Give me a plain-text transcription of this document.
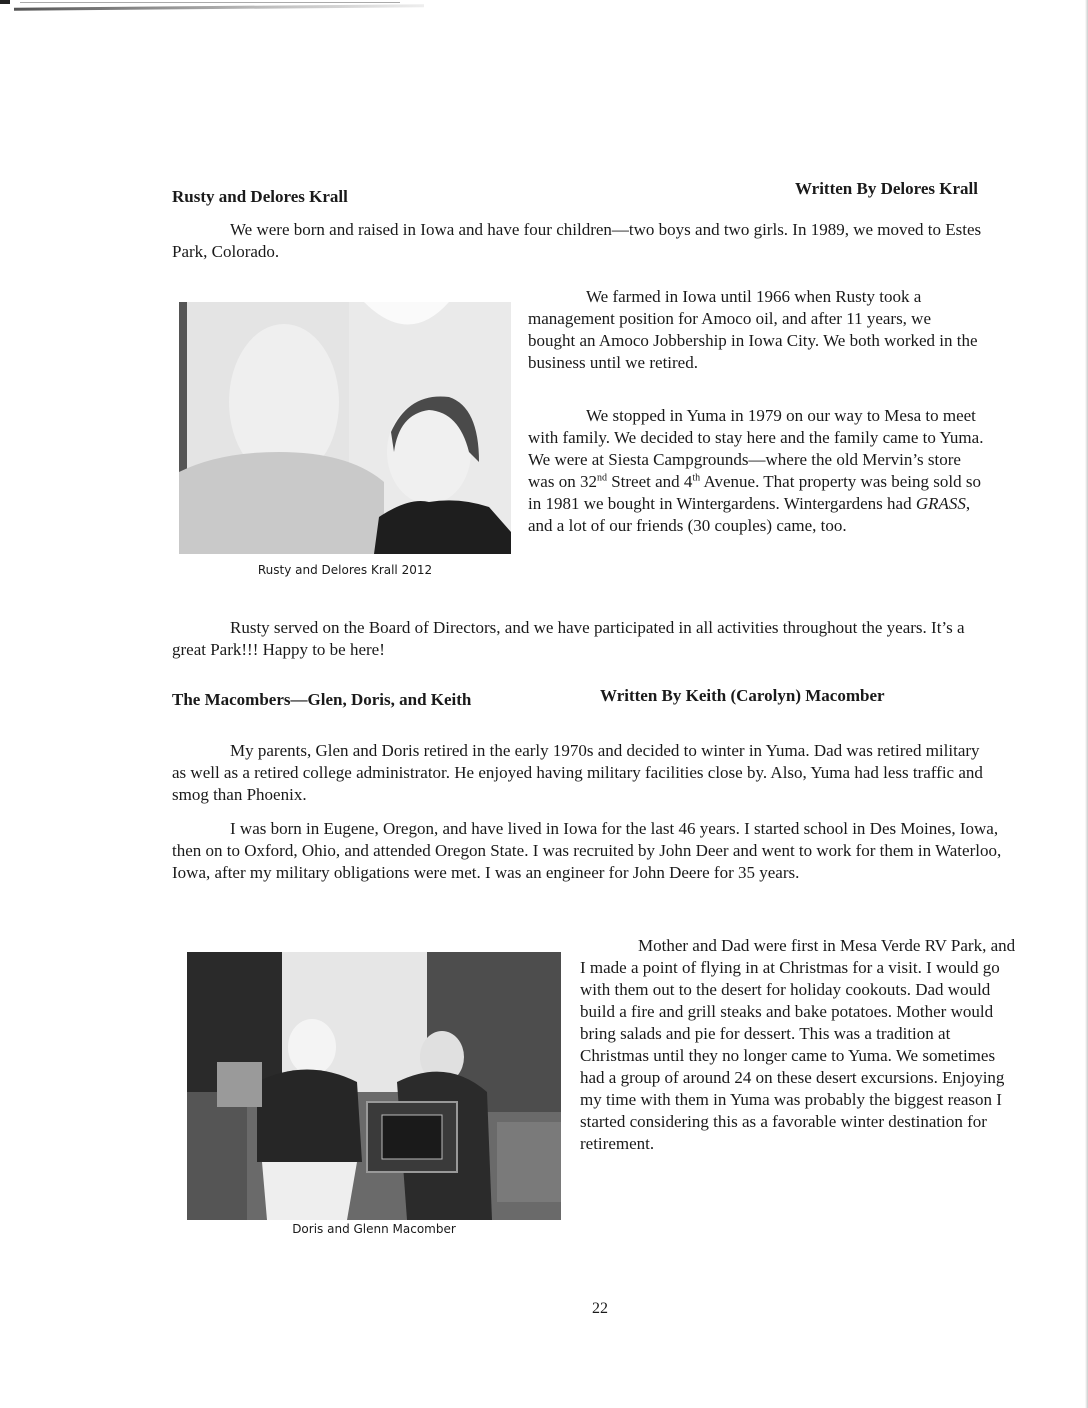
Rusty and Delores Krall	Written By Delores Krall

We were born and raised in Iowa and have four children—two boys and two girls. In 1989, we moved to Estes Park, Colorado.

Rusty and Delores Krall 2012

We farmed in Iowa until 1966 when Rusty took a management position for Amoco oil, and after 11 years, we bought an Amoco Jobbership in Iowa City. We both worked in the business until we retired.

We stopped in Yuma in 1979 on our way to Mesa to meet with family. We decided to stay here and the family came to Yuma. We were at Siesta Campgrounds—where the old Mervin’s store was on 32nd Street and 4th Avenue. That property was being sold so in 1981 we bought in Wintergardens. Wintergardens had GRASS, and a lot of our friends (30 couples) came, too.

Rusty served on the Board of Directors, and we have participated in all activities throughout the years. It’s a great Park!!! Happy to be here!

The Macombers—Glen, Doris, and Keith	Written By Keith (Carolyn) Macomber

My parents, Glen and Doris retired in the early 1970s and decided to winter in Yuma. Dad was retired military as well as a retired college administrator. He enjoyed having military facilities close by. Also, Yuma had less traffic and smog than Phoenix.

I was born in Eugene, Oregon, and have lived in Iowa for the last 46 years. I started school in Des Moines, Iowa, then on to Oxford, Ohio, and attended Oregon State. I was recruited by John Deer and went to work for them in Waterloo, Iowa, after my military obligations were met. I was an engineer for John Deere for 35 years.

Doris and Glenn Macomber

Mother and Dad were first in Mesa Verde RV Park, and I made a point of flying in at Christmas for a visit. I would go with them out to the desert for holiday cookouts. Dad would build a fire and grill steaks and bake potatoes. Mother would bring salads and pie for dessert. This was a tradition at Christmas until they no longer came to Yuma. We sometimes had a group of around 24 on these desert excursions. Enjoying my time with them in Yuma was probably the biggest reason I started considering this as a favorable winter destination for retirement.

22
